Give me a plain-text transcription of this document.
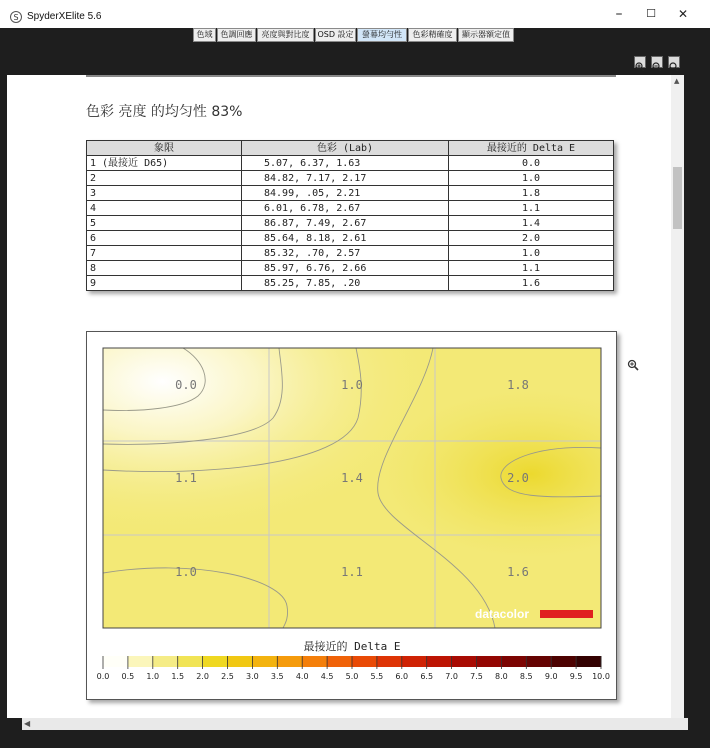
S SpyderXElite 5.6	–	☐	✕
色域	色調回應	亮度與對比度 OSD 設定	螢幕均勻性	色彩精確度	顯示器額定值
色彩 亮度 的均匀性 83%
象限	色彩 (Lab)	最接近的 Delta E
1 (最接近 D65)	5.07, 6.37, 1.63	0.0
2	84.82, 7.17, 2.17	1.0
3	84.99, .05, 2.21	1.8
4	6.01, 6.78, 2.67	1.1
5	86.87, 7.49, 2.67	1.4
6	85.64, 8.18, 2.61	2.0
7	85.32, .70, 2.57	1.0
8	85.97, 6.76, 2.66	1.1
9	85.25, 7.85, .20	1.6
0.0	1.0	1.8
1.1	1.4	2.0
1.0	1.1	1.6
datacolor
最接近的 Delta E
0.0 0.5 1.0 1.5 2.0 2.5 3.0 3.5 4.0 4.5 5.0 5.5 6.0 6.5 7.0 7.5 8.0 8.5 9.0 9.5 10.0
▲
◀
